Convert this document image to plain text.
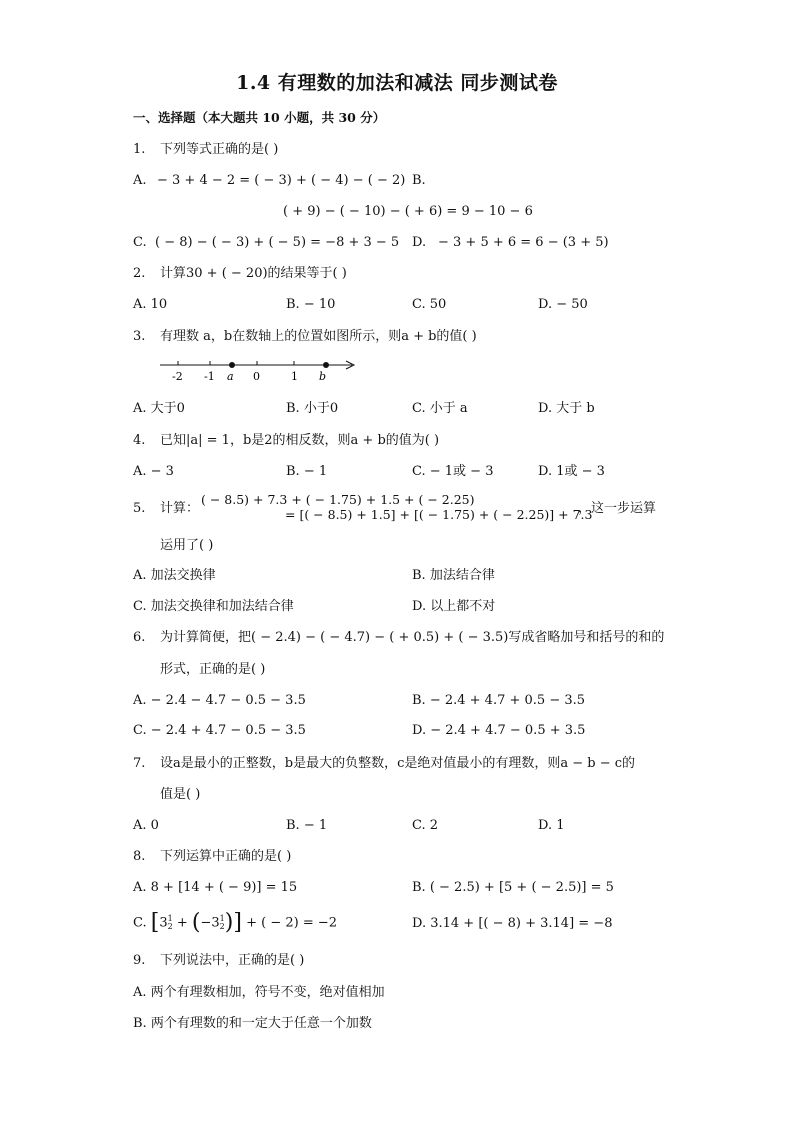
1.4 有理数的加法和减法 同步测试卷
一、选择题（本大题共 10 小题，共 30 分）
1. 下列等式正确的是( )
A. − 3 + 4 − 2 = ( − 3) + ( − 4) − ( − 2) B.
( + 9) − ( − 10) − ( + 6) = 9 − 10 − 6
C. ( − 8) − ( − 3) + ( − 5) = −8 + 3 − 5 D. − 3 + 5 + 6 = 6 − (3 + 5)
2. 计算30 + ( − 20)的结果等于( )
A. 10	B. − 10	C. 50	D. − 50
3. 有理数 a，b在数轴上的位置如图所示，则a + b的值( )
-2 -1 a 0	1 b
A. 大于0	B. 小于0	C. 小于 a	D. 大于 b
4. 已知|a| = 1，b是2的相反数，则a + b的值为( )
A. − 3	B. − 1	C. − 1或 − 3	D. 1或 − 3
5. 计算：
( − 8.5) + 7.3 + ( − 1.75) + 1.5 + ( − 2.25)
= [( − 8.5) + 1.5] + [( − 1.75) + ( − 2.25)] + 7.3
，这一步运算
运用了( )
A. 加法交换律	B. 加法结合律
C. 加法交换律和加法结合律	D. 以上都不对
6. 为计算简便，把( − 2.4) − ( − 4.7) − ( + 0.5) + ( − 3.5)写成省略加号和括号的和的
形式，正确的是( )
A. − 2.4 − 4.7 − 0.5 − 3.5	B. − 2.4 + 4.7 + 0.5 − 3.5
C. − 2.4 + 4.7 − 0.5 − 3.5	D. − 2.4 + 4.7 − 0.5 + 3.5
7. 设a是最小的正整数，b是最大的负整数，c是绝对值最小的有理数，则a − b − c的
值是( )
A. 0	B. − 1	C. 2	D. 1
8. 下列运算中正确的是( )
A. 8 + [14 + ( − 9)] = 15	B. ( − 2.5) + [5 + ( − 2.5)] = 5
C. [3 1
2 + (−3 1
2 )] + ( − 2) = −2	D. 3.14 + [( − 8) + 3.14] = −8
9. 下列说法中，正确的是( )
A. 两个有理数相加，符号不变，绝对值相加
B. 两个有理数的和一定大于任意一个加数
